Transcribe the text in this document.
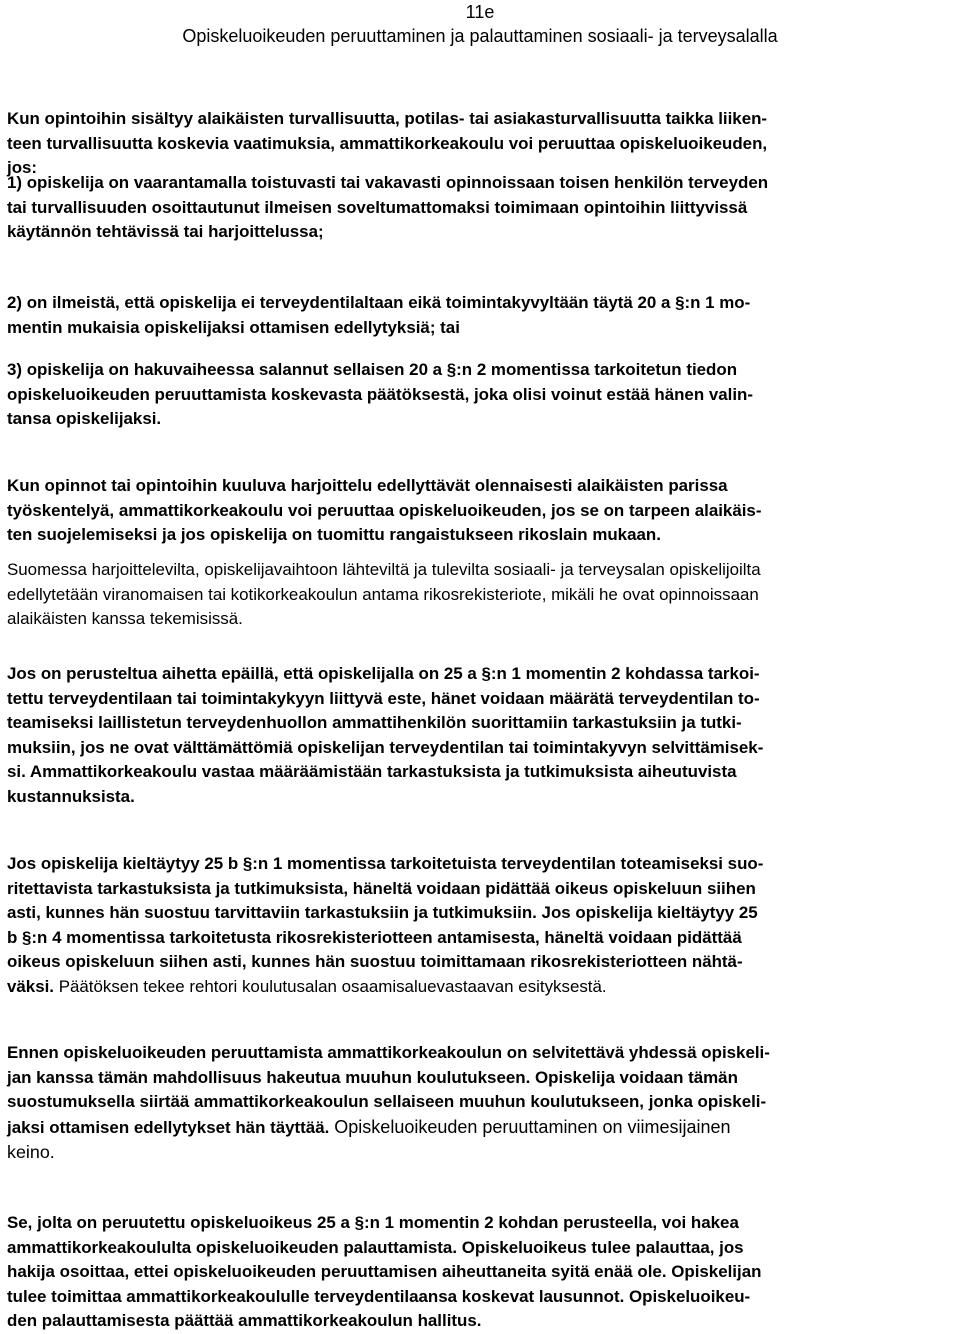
11e
Opiskeluoikeuden peruuttaminen ja palauttaminen sosiaali- ja terveysalalla
Kun opintoihin sisältyy alaikäisten turvallisuutta, potilas- tai asiakasturvallisuutta taikka liiken-
teen turvallisuutta koskevia vaatimuksia, ammattikorkeakoulu voi peruuttaa opiskeluoikeuden,
jos:
1) opiskelija on vaarantamalla toistuvasti tai vakavasti opinnoissaan toisen henkilön terveyden
tai turvallisuuden osoittautunut ilmeisen soveltumattomaksi toimimaan opintoihin liittyvissä
käytännön tehtävissä tai harjoittelussa;
2) on ilmeistä, että opiskelija ei terveydentilaltaan eikä toimintakyvyltään täytä 20 a §:n 1 mo-
mentin mukaisia opiskelijaksi ottamisen edellytyksiä; tai
3) opiskelija on hakuvaiheessa salannut sellaisen 20 a §:n 2 momentissa tarkoitetun tiedon
opiskeluoikeuden peruuttamista koskevasta päätöksestä, joka olisi voinut estää hänen valin-
tansa opiskelijaksi.
Kun opinnot tai opintoihin kuuluva harjoittelu edellyttävät olennaisesti alaikäisten parissa
työskentelyä, ammattikorkeakoulu voi peruuttaa opiskeluoikeuden, jos se on tarpeen alaikäis-
ten suojelemiseksi ja jos opiskelija on tuomittu rangaistukseen rikoslain mukaan.
Suomessa harjoittelevilta, opiskelijavaihtoon lähteviltä ja tulevilta sosiaali- ja terveysalan opiskelijoilta
edellytetään viranomaisen tai kotikorkeakoulun antama rikosrekisteriote, mikäli he ovat opinnoissaan
alaikäisten kanssa tekemisissä.
Jos on perusteltua aihetta epäillä, että opiskelijalla on 25 a §:n 1 momentin 2 kohdassa tarkoi-
tettu terveydentilaan tai toimintakykyyn liittyvä este, hänet voidaan määrätä terveydentilan to-
teamiseksi laillistetun terveydenhuollon ammattihenkilön suorittamiin tarkastuksiin ja tutki-
muksiin, jos ne ovat välttämättömiä opiskelijan terveydentilan tai toimintakyvyn selvittämisek-
si. Ammattikorkeakoulu vastaa määräämistään tarkastuksista ja tutkimuksista aiheutuvista
kustannuksista.
Jos opiskelija kieltäytyy 25 b §:n 1 momentissa tarkoitetuista terveydentilan toteamiseksi suo-
ritettavista tarkastuksista ja tutkimuksista, häneltä voidaan pidättää oikeus opiskeluun siihen
asti, kunnes hän suostuu tarvittaviin tarkastuksiin ja tutkimuksiin. Jos opiskelija kieltäytyy 25
b §:n 4 momentissa tarkoitetusta rikosrekisteriotteen antamisesta, häneltä voidaan pidättää
oikeus opiskeluun siihen asti, kunnes hän suostuu toimittamaan rikosrekisteriotteen nähtä-
väksi. Päätöksen tekee rehtori koulutusalan osaamisaluevastaavan esityksestä.
Ennen opiskeluoikeuden peruuttamista ammattikorkeakoulun on selvitettävä yhdessä opiskeli-
jan kanssa tämän mahdollisuus hakeutua muuhun koulutukseen. Opiskelija voidaan tämän
suostumuksella siirtää ammattikorkeakoulun sellaiseen muuhun koulutukseen, jonka opiskeli-
jaksi ottamisen edellytykset hän täyttää. Opiskeluoikeuden peruuttaminen on viimesijainen
keino.
Se, jolta on peruutettu opiskeluoikeus 25 a §:n 1 momentin 2 kohdan perusteella, voi hakea
ammattikorkeakoululta opiskeluoikeuden palauttamista. Opiskeluoikeus tulee palauttaa, jos
hakija osoittaa, ettei opiskeluoikeuden peruuttamisen aiheuttaneita syitä enää ole. Opiskelijan
tulee toimittaa ammattikorkeakoululle terveydentilaansa koskevat lausunnot. Opiskeluoikeu-
den palauttamisesta päättää ammattikorkeakoulun hallitus.
